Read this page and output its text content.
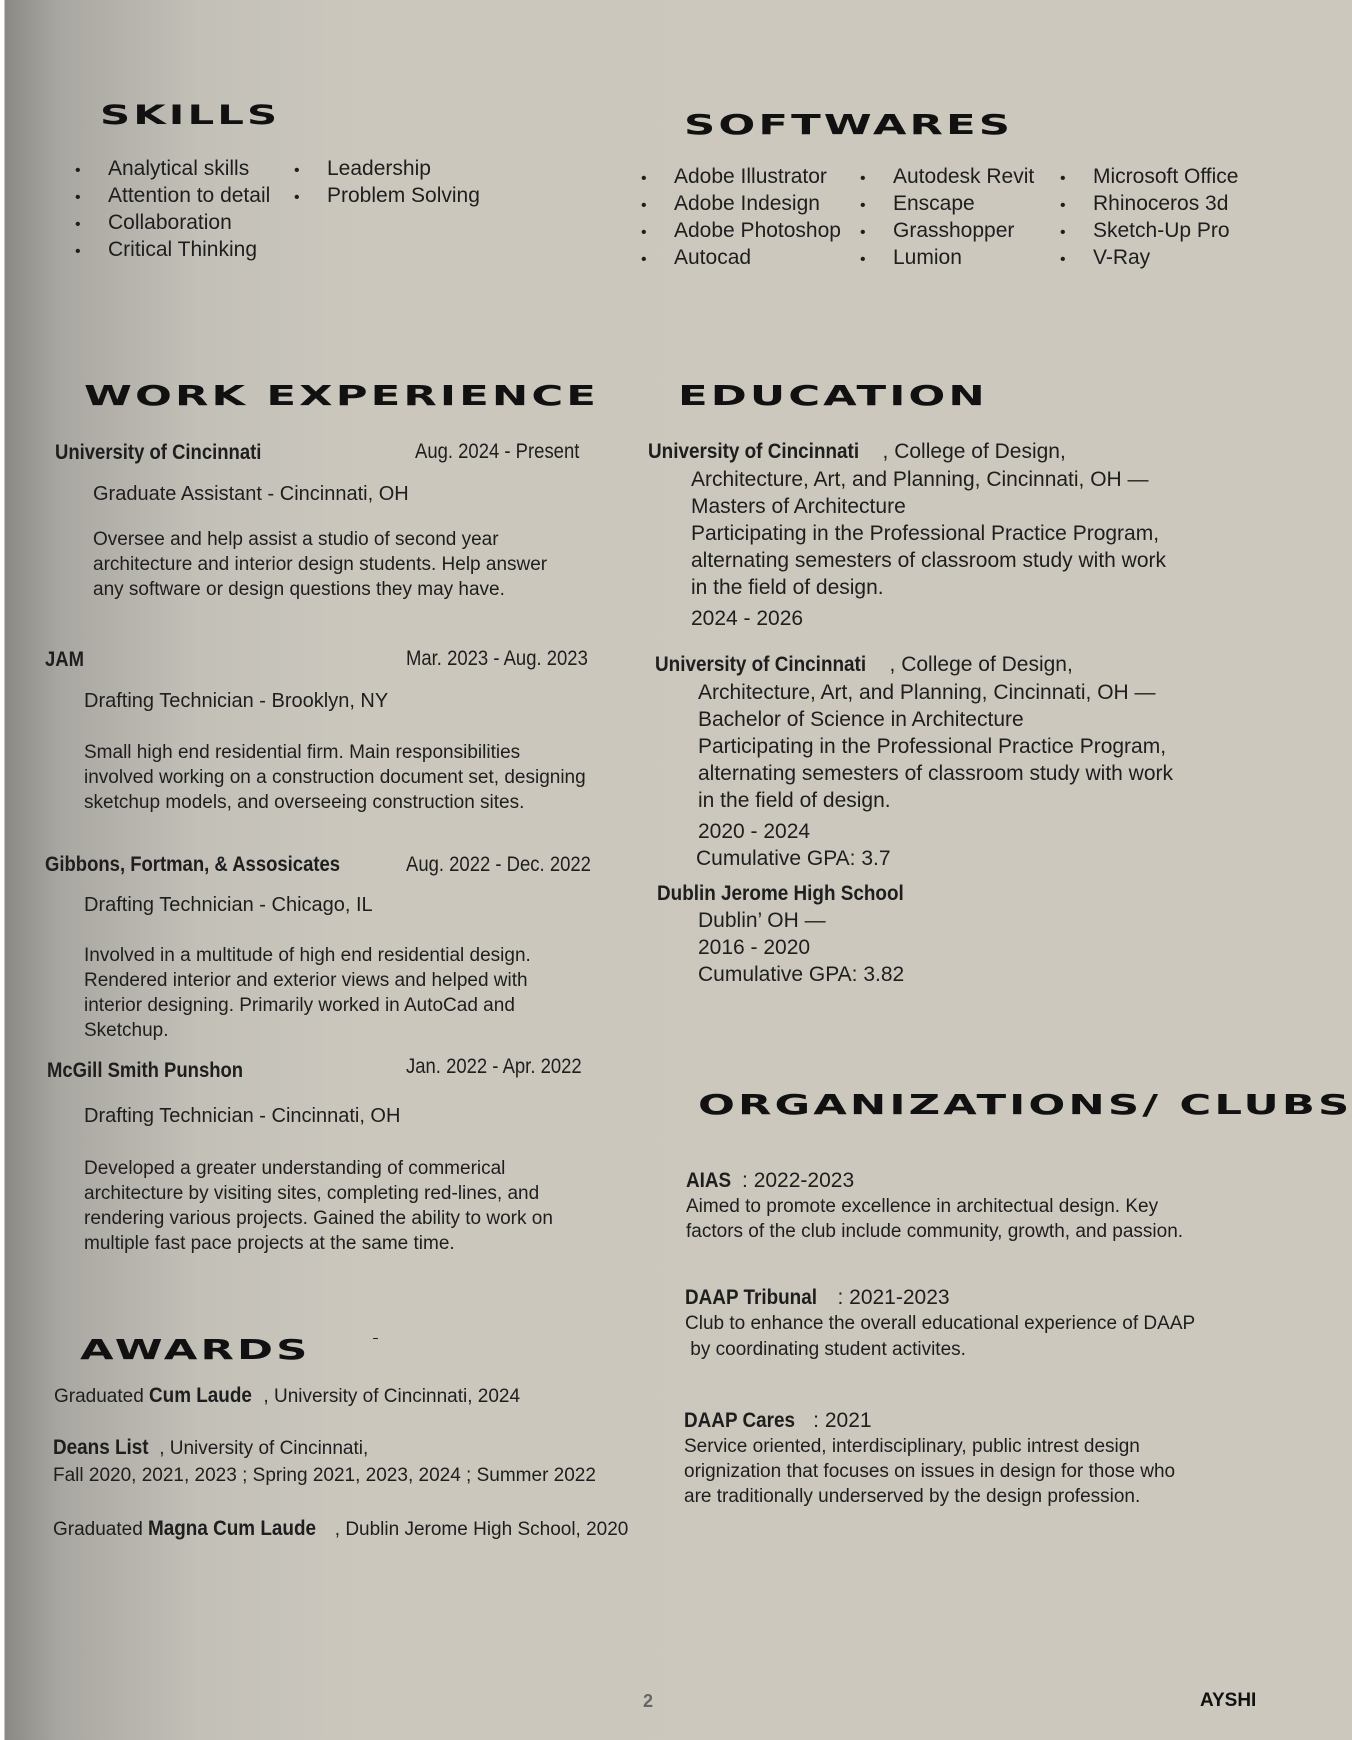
SKILLS
• Analytical skills
• Attention to detail
• Collaboration
• Critical Thinking
• Leadership
• Problem Solving
SOFTWARES
• Adobe Illustrator
• Adobe Indesign
• Adobe Photoshop
• Autocad
• Autodesk Revit
• Enscape
• Grasshopper
• Lumion
• Microsoft Office
• Rhinoceros 3d
• Sketch-Up Pro
• V-Ray
WORK EXPERIENCE
University of Cincinnati	Aug. 2024 - Present
Graduate Assistant - Cincinnati, OH
Oversee and help assist a studio of second year architecture and interior design students. Help answer any software or design questions they may have.
JAM	Mar. 2023 - Aug. 2023
Drafting Technician - Brooklyn, NY
Small high end residential firm. Main responsibilities involved working on a construction document set, designing sketchup models, and overseeing construction sites.
Gibbons, Fortman, & Assosicates	Aug. 2022 - Dec. 2022
Drafting Technician - Chicago, IL
Involved in a multitude of high end residential design. Rendered interior and exterior views and helped with interior designing. Primarily worked in AutoCad and Sketchup.
McGill Smith Punshon	Jan. 2022 - Apr. 2022
Drafting Technician - Cincinnati, OH
Developed a greater understanding of commerical architecture by visiting sites, completing red-lines, and rendering various projects. Gained the ability to work on multiple fast pace projects at the same time.
EDUCATION
University of Cincinnati , College of Design,
Architecture, Art, and Planning, Cincinnati, OH —
Masters of Architecture
Participating in the Professional Practice Program,
alternating semesters of classroom study with work
in the field of design.
2024 - 2026
University of Cincinnati , College of Design,
Architecture, Art, and Planning, Cincinnati, OH —
Bachelor of Science in Architecture
Participating in the Professional Practice Program,
alternating semesters of classroom study with work
in the field of design.
2020 - 2024
Cumulative GPA: 3.7
Dublin Jerome High School
Dublin’ OH —
2016 - 2020
Cumulative GPA: 3.82
ORGANIZATIONS/ CLUBS
AIAS : 2022-2023
Aimed to promote excellence in architectual design. Key
factors of the club include community, growth, and passion.
DAAP Tribunal : 2021-2023
Club to enhance the overall educational experience of DAAP
by coordinating student activites.
DAAP Cares : 2021
Service oriented, interdisciplinary, public intrest design
orignization that focuses on issues in design for those who
are traditionally underserved by the design profession.
AWARDS
Graduated Cum Laude , University of Cincinnati, 2024
Deans List , University of Cincinnati,
Fall 2020, 2021, 2023 ; Spring 2021, 2023, 2024 ; Summer 2022
Graduated Magna Cum Laude , Dublin Jerome High School, 2020
2	AYSHI
